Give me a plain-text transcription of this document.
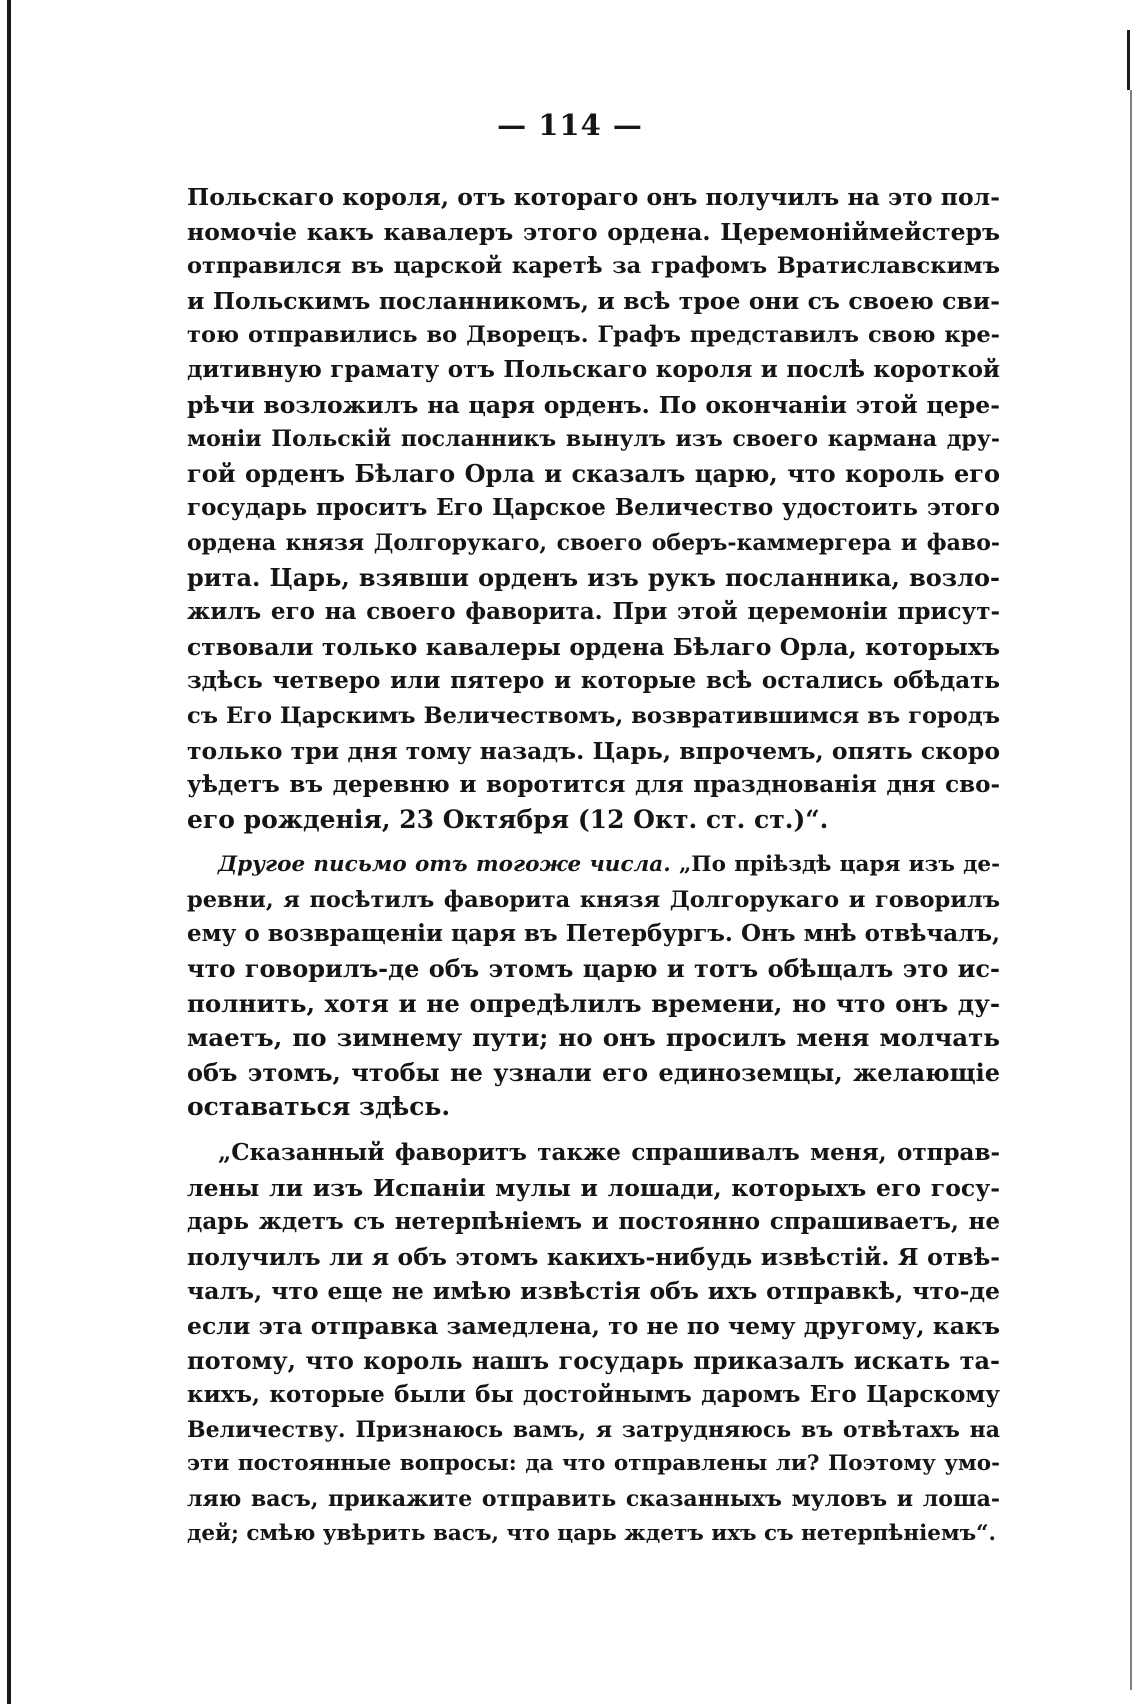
— 114 —
Польскаго короля, отъ котораго онъ получилъ на это пол-
номочіе какъ кавалеръ этого ордена. Церемоніймейстеръ
отправился въ царской каретѣ за графомъ Вратиславскимъ
и Польскимъ посланникомъ, и всѣ трое они съ своею сви-
тою отправились во Дворецъ. Графъ представилъ свою кре-
дитивную грамату отъ Польскаго короля и послѣ короткой
рѣчи возложилъ на царя орденъ. По окончаніи этой цере-
моніи Польскій посланникъ вынулъ изъ своего кармана дру-
гой орденъ Бѣлаго Орла и сказалъ царю, что король его
государь проситъ Его Царское Величество удостоить этого
ордена князя Долгорукаго, своего оберъ-каммергера и фаво-
рита. Царь, взявши орденъ изъ рукъ посланника, возло-
жилъ его на своего фаворита. При этой церемоніи присут-
ствовали только кавалеры ордена Бѣлаго Орла, которыхъ
здѣсь четверо или пятеро и которые всѣ остались обѣдать
съ Его Царскимъ Величествомъ, возвратившимся въ городъ
только три дня тому назадъ. Царь, впрочемъ, опять скоро
уѣдетъ въ деревню и воротится для празднованія дня сво-
его рожденія, 23 Октября (12 Окт. ст. ст.)“.
Другое письмо отъ тогоже числа. „По пріѣздѣ царя изъ де-
ревни, я посѣтилъ фаворита князя Долгорукаго и говорилъ
ему о возвращеніи царя въ Петербургъ. Онъ мнѣ отвѣчалъ,
что говорилъ-де объ этомъ царю и тотъ обѣщалъ это ис-
полнить, хотя и не опредѣлилъ времени, но что онъ ду-
маетъ, по зимнему пути; но онъ просилъ меня молчать
объ этомъ, чтобы не узнали его единоземцы, желающіе
оставаться здѣсь.
„Сказанный фаворитъ также спрашивалъ меня, отправ-
лены ли изъ Испаніи мулы и лошади, которыхъ его госу-
дарь ждетъ съ нетерпѣніемъ и постоянно спрашиваетъ, не
получилъ ли я объ этомъ какихъ-нибудь извѣстій. Я отвѣ-
чалъ, что еще не имѣю извѣстія объ ихъ отправкѣ, что-де
если эта отправка замедлена, то не по чему другому, какъ
потому, что король нашъ государь приказалъ искать та-
кихъ, которые были бы достойнымъ даромъ Его Царскому
Величеству. Признаюсь вамъ, я затрудняюсь въ отвѣтахъ на
эти постоянные вопросы: да что отправлены ли? Поэтому умо-
ляю васъ, прикажите отправить сказанныхъ муловъ и лоша-
дей; смѣю увѣрить васъ, что царь ждетъ ихъ съ нетерпѣніемъ“.
